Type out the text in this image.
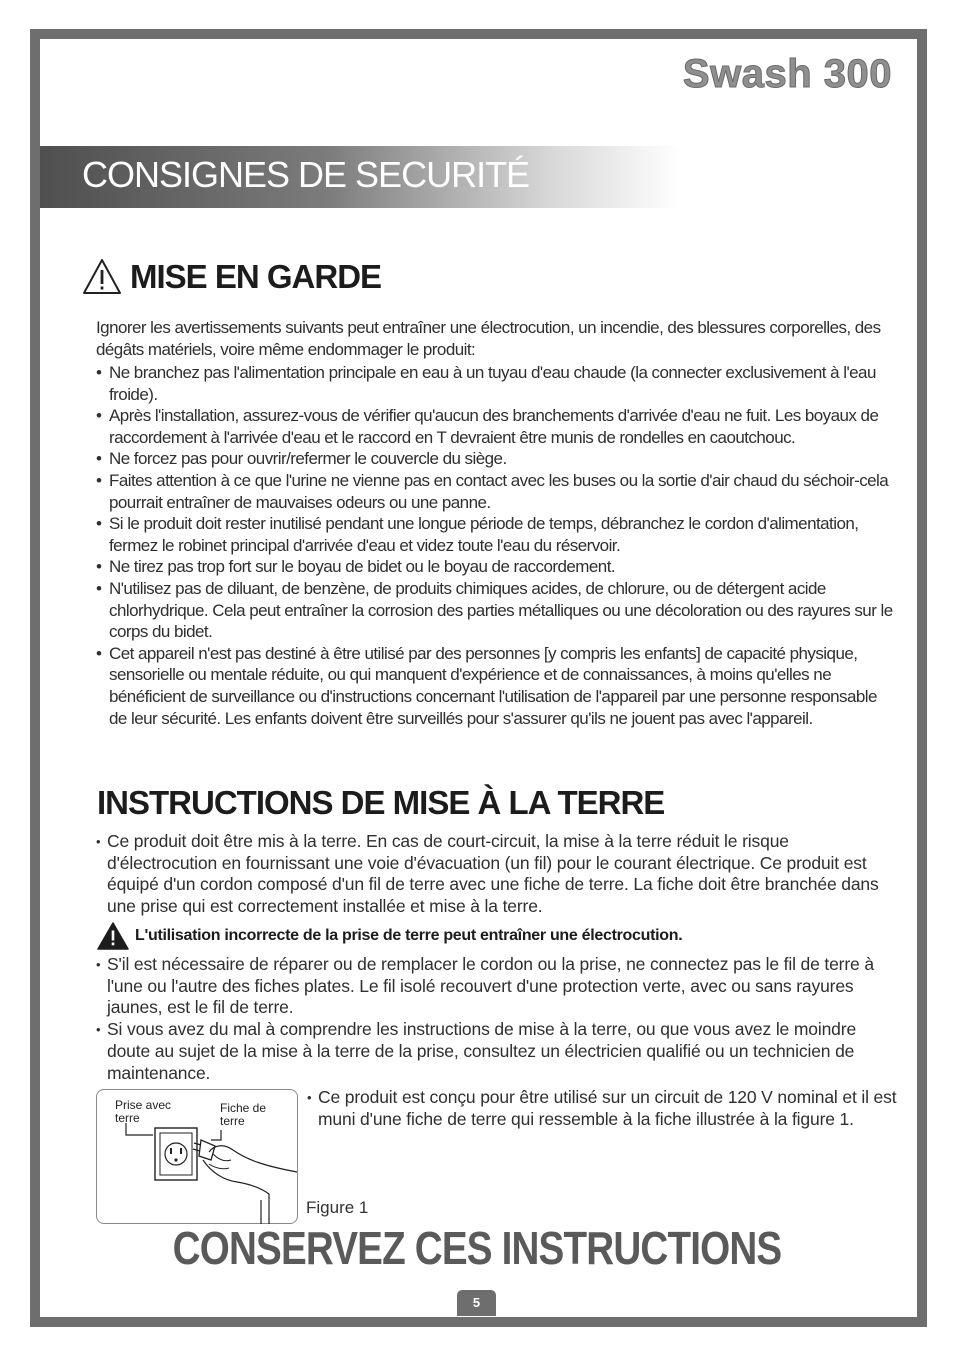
Swash 300

CONSIGNES DE SECURITÉ
MISE EN GARDE

Ignorer les avertissements suivants peut entraîner une électrocution, un incendie, des blessures corporelles, des dégâts matériels, voire même endommager le produit:

• Ne branchez pas l'alimentation principale en eau à un tuyau d'eau chaude (la connecter exclusivement à l'eau froide).
• Après l'installation, assurez-vous de vérifier qu'aucun des branchements d'arrivée d'eau ne fuit. Les boyaux de raccordement à l'arrivée d'eau et le raccord en T devraient être munis de rondelles en caoutchouc.
• Ne forcez pas pour ouvrir/refermer le couvercle du siège.
• Faites attention à ce que l'urine ne vienne pas en contact avec les buses ou la sortie d'air chaud du séchoir-cela pourrait entraîner de mauvaises odeurs ou une panne.
• Si le produit doit rester inutilisé pendant une longue période de temps, débranchez le cordon d'alimentation, fermez le robinet principal d'arrivée d'eau et videz toute l'eau du réservoir.
• Ne tirez pas trop fort sur le boyau de bidet ou le boyau de raccordement.
• N'utilisez pas de diluant, de benzène, de produits chimiques acides, de chlorure, ou de détergent acide chlorhydrique. Cela peut entraîner la corrosion des parties métalliques ou une décoloration ou des rayures sur le corps du bidet.
• Cet appareil n'est pas destiné à être utilisé par des personnes [y compris les enfants] de capacité physique, sensorielle ou mentale réduite, ou qui manquent d'expérience et de connaissances, à moins qu'elles ne bénéficient de surveillance ou d'instructions concernant l'utilisation de l'appareil par une personne responsable de leur sécurité. Les enfants doivent être surveillés pour s'assurer qu'ils ne jouent pas avec l'appareil.
INSTRUCTIONS DE MISE À LA TERRE
• Ce produit doit être mis à la terre. En cas de court-circuit, la mise à la terre réduit le risque d'électrocution en fournissant une voie d'évacuation (un fil) pour le courant électrique. Ce produit est équipé d'un cordon composé d'un fil de terre avec une fiche de terre. La fiche doit être branchée dans une prise qui est correctement installée et mise à la terre.
L'utilisation incorrecte de la prise de terre peut entraîner une électrocution.
• S'il est nécessaire de réparer ou de remplacer le cordon ou la prise, ne connectez pas le fil de terre à l'une ou l'autre des fiches plates. Le fil isolé recouvert d'une protection verte, avec ou sans rayures jaunes, est le fil de terre.
• Si vous avez du mal à comprendre les instructions de mise à la terre, ou que vous avez le moindre doute au sujet de la mise à la terre de la prise, consultez un électricien qualifié ou un technicien de maintenance.
Prise avec terre
Fiche de terre
• Ce produit est conçu pour être utilisé sur un circuit de 120 V nominal et il est muni d'une fiche de terre qui ressemble à la fiche illustrée à la figure 1.
Figure 1
CONSERVEZ CES INSTRUCTIONS
5
